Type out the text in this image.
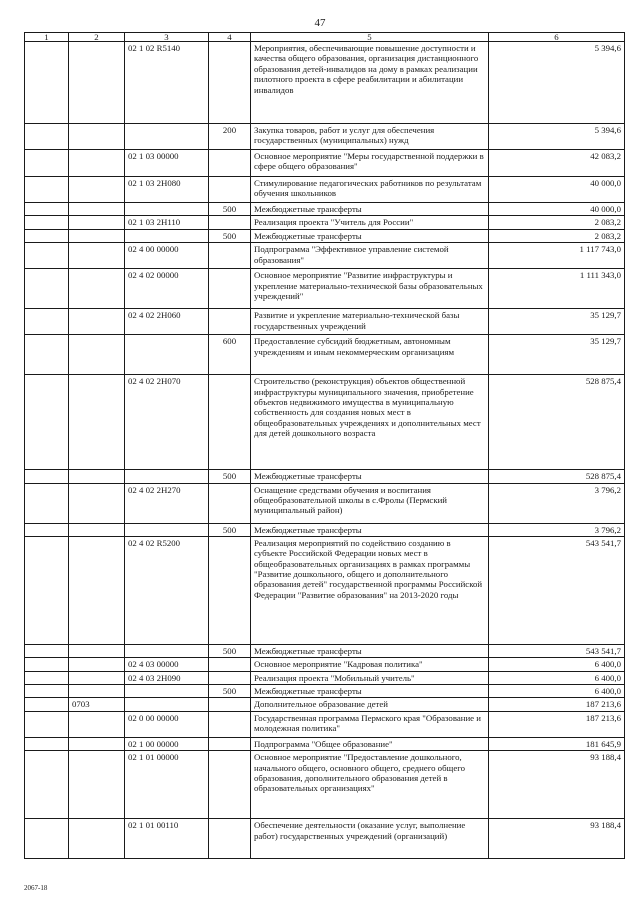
47
1	2	3	4	5	6
		02 1 02 R5140		Мероприятия, обеспечивающие повышение доступности и качества общего образования, организация дистанционного образования детей-инвалидов на дому в рамках реализации пилотного проекта в сфере реабилитации и абилитации инвалидов	5 394,6
			200	Закупка товаров, работ и услуг для обеспечения государственных (муниципальных) нужд	5 394,6
		02 1 03 00000		Основное мероприятие "Меры государственной поддержки в сфере общего образования"	42 083,2
		02 1 03 2Н080		Стимулирование педагогических работников по результатам обучения школьников	40 000,0
			500	Межбюджетные трансферты	40 000,0
		02 1 03 2Н110		Реализация проекта "Учитель для России"	2 083,2
			500	Межбюджетные трансферты	2 083,2
		02 4 00 00000		Подпрограмма "Эффективное управление системой образования"	1 117 743,0
		02 4 02 00000		Основное мероприятие "Развитие инфраструктуры и укрепление материально-технической базы образовательных учреждений"	1 111 343,0
		02 4 02 2Н060		Развитие и укрепление материально-технической базы государственных учреждений	35 129,7
			600	Предоставление субсидий бюджетным, автономным учреждениям и иным некоммерческим организациям	35 129,7
		02 4 02 2Н070		Строительство (реконструкция) объектов общественной инфраструктуры муниципального значения, приобретение объектов недвижимого имущества в муниципальную собственность для создания новых мест в общеобразовательных учреждениях и дополнительных мест для детей дошкольного возраста	528 875,4
			500	Межбюджетные трансферты	528 875,4
		02 4 02 2Н270		Оснащение средствами обучения и воспитания общеобразовательной школы в с.Фролы (Пермский муниципальный район)	3 796,2
			500	Межбюджетные трансферты	3 796,2
		02 4 02 R5200		Реализация мероприятий по содействию созданию в субъекте Российской Федерации новых мест в общеобразовательных организациях в рамках программы "Развитие дошкольного, общего и дополнительного образования детей" государственной программы Российской Федерации "Развитие образования" на 2013-2020 годы	543 541,7
			500	Межбюджетные трансферты	543 541,7
		02 4 03 00000		Основное мероприятие "Кадровая политика"	6 400,0
		02 4 03 2Н090		Реализация проекта "Мобильный учитель"	6 400,0
			500	Межбюджетные трансферты	6 400,0
	0703			Дополнительное образование детей	187 213,6
		02 0 00 00000		Государственная программа Пермского края "Образование и молодежная политика"	187 213,6
		02 1 00 00000		Подпрограмма "Общее образование"	181 645,9
		02 1 01 00000		Основное мероприятие "Предоставление дошкольного, начального общего, основного общего, среднего общего образования, дополнительного образования детей в образовательных организациях"	93 188,4
		02 1 01 00110		Обеспечение деятельности (оказание услуг, выполнение работ) государственных учреждений (организаций)	93 188,4
2067-18
